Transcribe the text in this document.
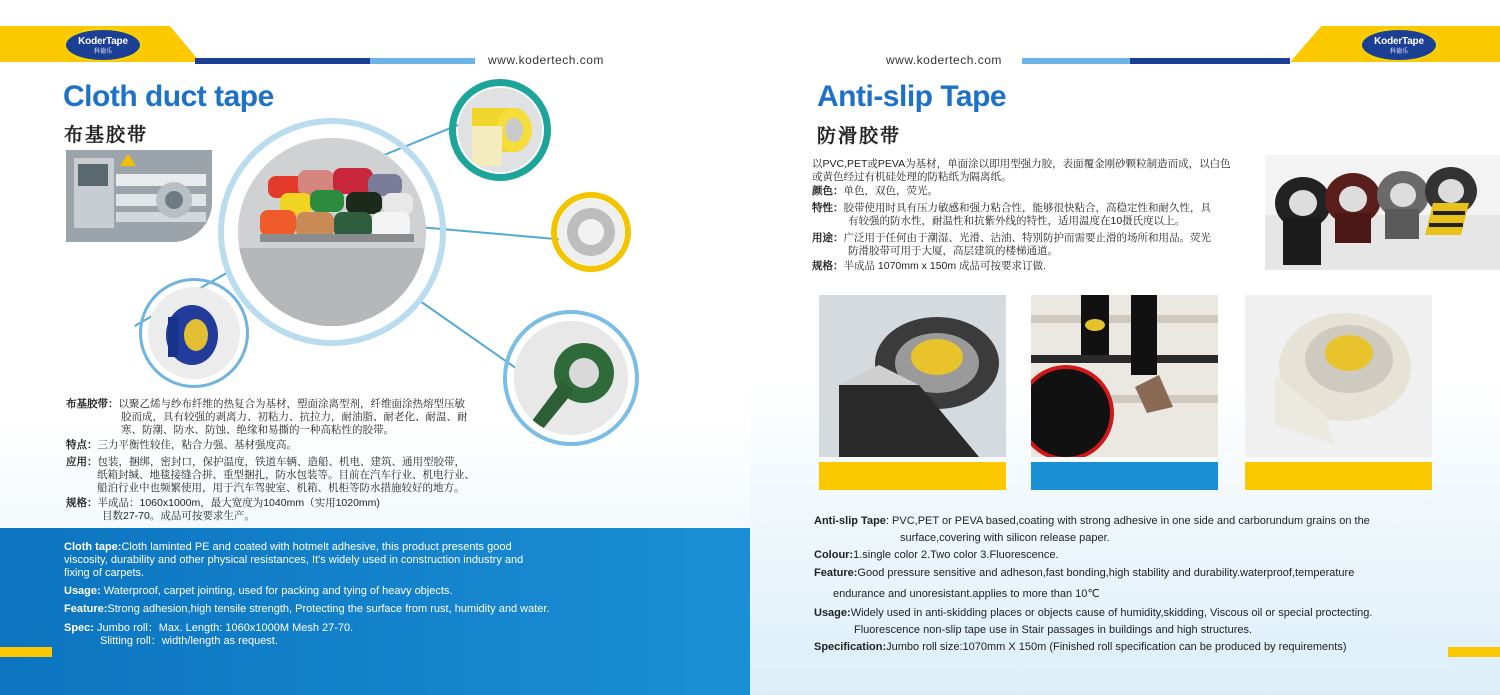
KoderTape
科德乐
www.kodertech.com
Cloth duct tape
布基胶带
布基胶带：以聚乙烯与纱布纤维的热复合为基材，塑面涂离型剂，纤维面涂热熔型压敏
胶而成，具有较强的剥离力、初粘力、抗拉力，耐油脂、耐老化、耐温、耐
寒、防潮、防水、防蚀、绝缘和易撕的一种高粘性的胶带。
特点：三力平衡性较佳，粘合力强、基材强度高。
应用：包装，捆绑，密封口，保护温度，铁道车辆、造船、机电、建筑、通用型胶带，
纸箱封缄、地毯接缝合拼、重型捆扎，防水包装等。目前在汽车行业、机电行业、
船泊行业中也频繁使用，用于汽车驾驶室、机箱、机柜等防水措施较好的地方。
规格：半成品：1060x1000m，最大宽度为1040mm（实用1020mm)
目数27-70。成品可按要求生产。
Cloth tape:Cloth laminted PE and coated with hotmelt adhesive, this product presents good
viscosity, durability and other physical resistances, It's widely used in construction industry and
fixing of carpets.
Usage: Waterproof, carpet jointing, used for packing and tying of heavy objects.
Feature:Strong adhesion,high tensile strength, Protecting the surface from rust, humidity and water.
Spec: Jumbo roll：Max. Length: 1060x1000M Mesh 27-70.
Slitting roll：width/length as request.
KoderTape
科德乐
www.kodertech.com
Anti-slip Tape
防滑胶带
以PVC,PET或PEVA为基材，单面涂以即用型强力胶，表面覆金刚砂颗粒制造而成，以白色
或黄色经过有机硅处理的防粘纸为隔离纸。
颜色：单色，双色，荧光。
特性：胶带使用时具有压力敏感和强力粘合性，能够很快粘合，高稳定性和耐久性，具
有较强的防水性，耐温性和抗紫外线的特性，适用温度在10摄氏度以上。
用途：广泛用于任何由于潮湿、光滑、沾油、特别防护而需要止滑的场所和用品。荧光
防滑胶带可用于大厦，高层建筑的楼梯通道。
规格：半成品 1070mm x 150m 成品可按要求订做.
Anti-slip Tape: PVC,PET or PEVA based,coating with strong adhesive in one side and carborundum grains on the
surface,covering with silicon release paper.
Colour:1.single color 2.Two color 3.Fluorescence.
Feature:Good pressure sensitive and adheson,fast bonding,high stability and durability.waterproof,temperature
endurance and unoresistant.applies to more than 10℃
Usage:Widely used in anti-skidding places or objects cause of humidity,skidding, Viscous oil or special proctecting.
Fluorescence non-slip tape use in Stair passages in buildings and high structures.
Specification:Jumbo roll size:1070mm X 150m (Finished roll specification can be produced by requirements)
